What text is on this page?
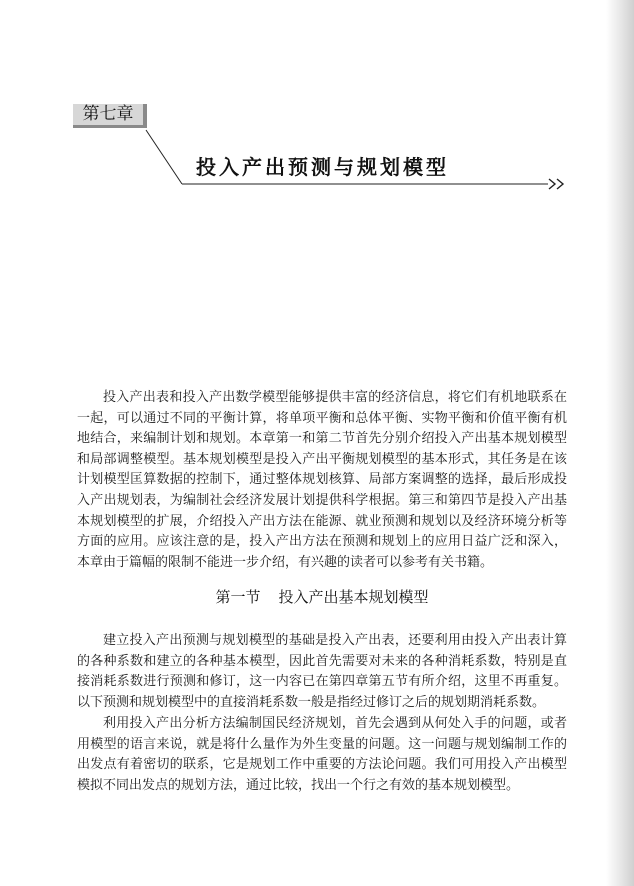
第七章
投入产出预测与规划模型

投入产出表和投入产出数学模型能够提供丰富的经济信息，将它们有机地联系在一起，可以通过不同的平衡计算，将单项平衡和总体平衡、实物平衡和价值平衡有机地结合，来编制计划和规划。本章第一和第二节首先分别介绍投入产出基本规划模型和局部调整模型。基本规划模型是投入产出平衡规划模型的基本形式，其任务是在该计划模型匡算数据的控制下，通过整体规划核算、局部方案调整的选择，最后形成投入产出规划表，为编制社会经济发展计划提供科学根据。第三和第四节是投入产出基本规划模型的扩展，介绍投入产出方法在能源、就业预测和规划以及经济环境分析等方面的应用。应该注意的是，投入产出方法在预测和规划上的应用日益广泛和深入，本章由于篇幅的限制不能进一步介绍，有兴趣的读者可以参考有关书籍。

第一节 投入产出基本规划模型

建立投入产出预测与规划模型的基础是投入产出表，还要利用由投入产出表计算的各种系数和建立的各种基本模型，因此首先需要对未来的各种消耗系数，特别是直接消耗系数进行预测和修订，这一内容已在第四章第五节有所介绍，这里不再重复。以下预测和规划模型中的直接消耗系数一般是指经过修订之后的规划期消耗系数。

利用投入产出分析方法编制国民经济规划，首先会遇到从何处入手的问题，或者用模型的语言来说，就是将什么量作为外生变量的问题。这一问题与规划编制工作的出发点有着密切的联系，它是规划工作中重要的方法论问题。我们可用投入产出模型模拟不同出发点的规划方法，通过比较，找出一个行之有效的基本规划模型。
